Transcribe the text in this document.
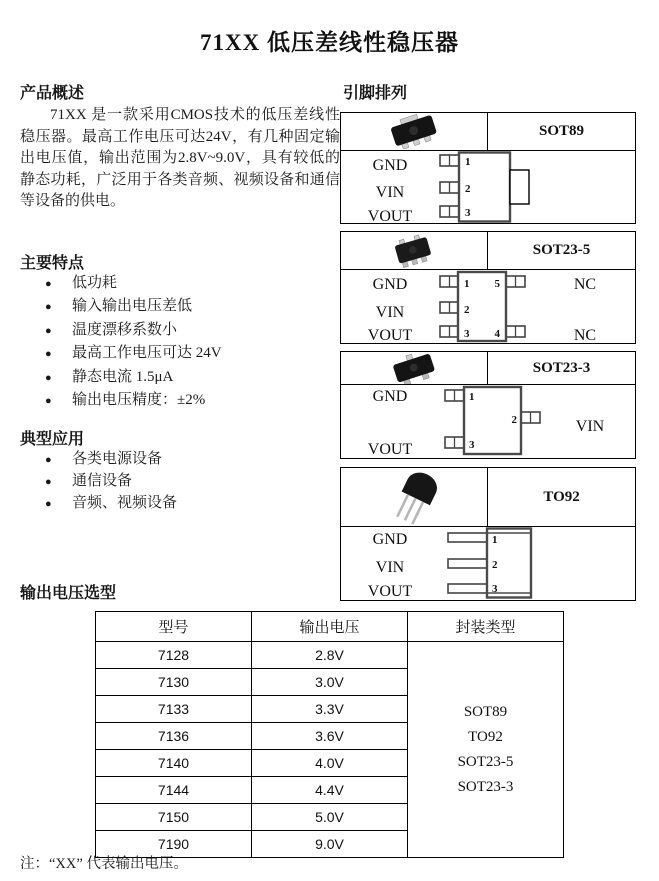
71XX 低压差线性稳压器
产品概述
71XX 是一款采用CMOS技术的低压差线性稳压器。最高工作电压可达24V，有几种固定输出电压值，输出范围为2.8V~9.0V，具有较低的静态功耗，广泛用于各类音频、视频设备和通信等设备的供电。
主要特点
●	低功耗
●	输入输出电压差低
●	温度漂移系数小
●	最高工作电压可达 24V
●	静态电流 1.5μA
●	输出电压精度：±2%
典型应用
●	各类电源设备
●	通信设备
●	音频、视频设备
输出电压选型
引脚排列
SOT89
GND
VIN
VOUT
1
2
3
SOT23-5
GND
VIN
VOUT
1
2
3
5
4
NC
NC
SOT23-3
GND
VOUT
1
3
2	VIN
TO92
GND
VIN
VOUT
1
2
3
型号	输出电压	封装类型
7128	2.8V	SOT89
TO92
SOT23-5
SOT23-3

7130	3.0V	
7133	3.3V	
7136	3.6V	
7140	4.0V	
7144	4.4V	
7150	5.0V	
7190	9.0V	
注：“XX” 代表输出电压。
